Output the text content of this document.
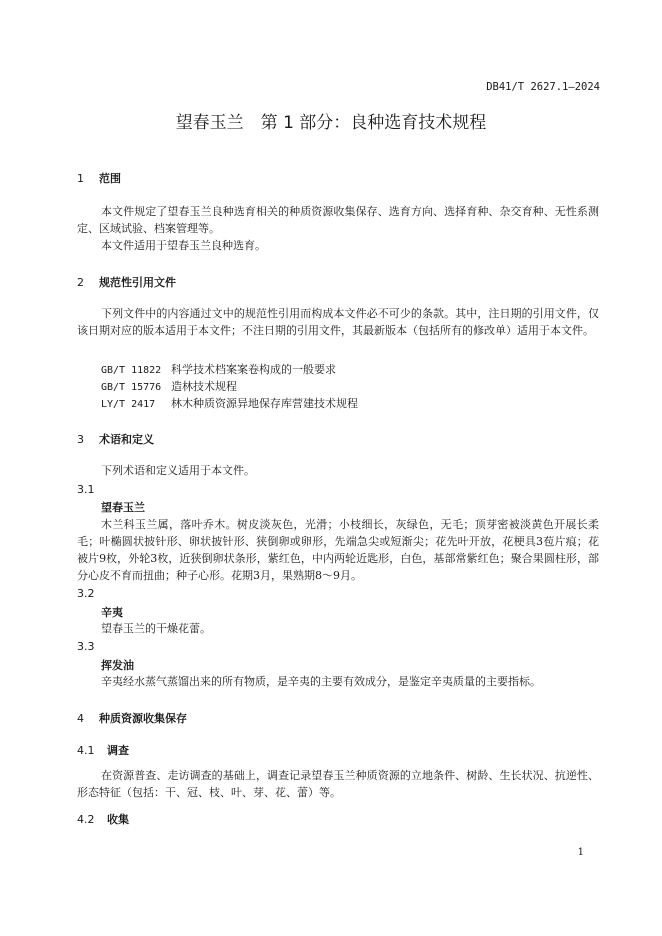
DB41/T 2627.1—2024
望春玉兰　第 1 部分：良种选育技术规程
1 范围

本文件规定了望春玉兰良种选育相关的种质资源收集保存、选育方向、选择育种、杂交育种、无性系测定、区域试验、档案管理等。

本文件适用于望春玉兰良种选育。

2 规范性引用文件

下列文件中的内容通过文中的规范性引用而构成本文件必不可少的条款。其中，注日期的引用文件，仅该日期对应的版本适用于本文件；不注日期的引用文件，其最新版本（包括所有的修改单）适用于本文件。

GB/T 11822 科学技术档案案卷构成的一般要求
GB/T 15776 造林技术规程
LY/T 2417 林木种质资源异地保存库营建技术规程
3 术语和定义

下列术语和定义适用于本文件。

3.1
望春玉兰

木兰科玉兰属，落叶乔木。树皮淡灰色，光滑；小枝细长，灰绿色，无毛；顶芽密被淡黄色开展长柔毛；叶椭圆状披针形、卵状披针形、狭倒卵或卵形，先端急尖或短渐尖；花先叶开放，花梗具3苞片痕；花被片9枚，外轮3枚，近狭倒卵状条形，紫红色，中内两轮近匙形，白色，基部常紫红色；聚合果圆柱形，部分心皮不育而扭曲；种子心形。花期3月，果熟期8～9月。

3.2
辛夷

望春玉兰的干燥花蕾。

3.3
挥发油

辛夷经水蒸气蒸馏出来的所有物质，是辛夷的主要有效成分，是鉴定辛夷质量的主要指标。

4 种质资源收集保存
4.1 调查

在资源普查、走访调查的基础上，调查记录望春玉兰种质资源的立地条件、树龄、生长状况、抗逆性、形态特征（包括：干、冠、枝、叶、芽、花、蕾）等。

4.2 收集
1
